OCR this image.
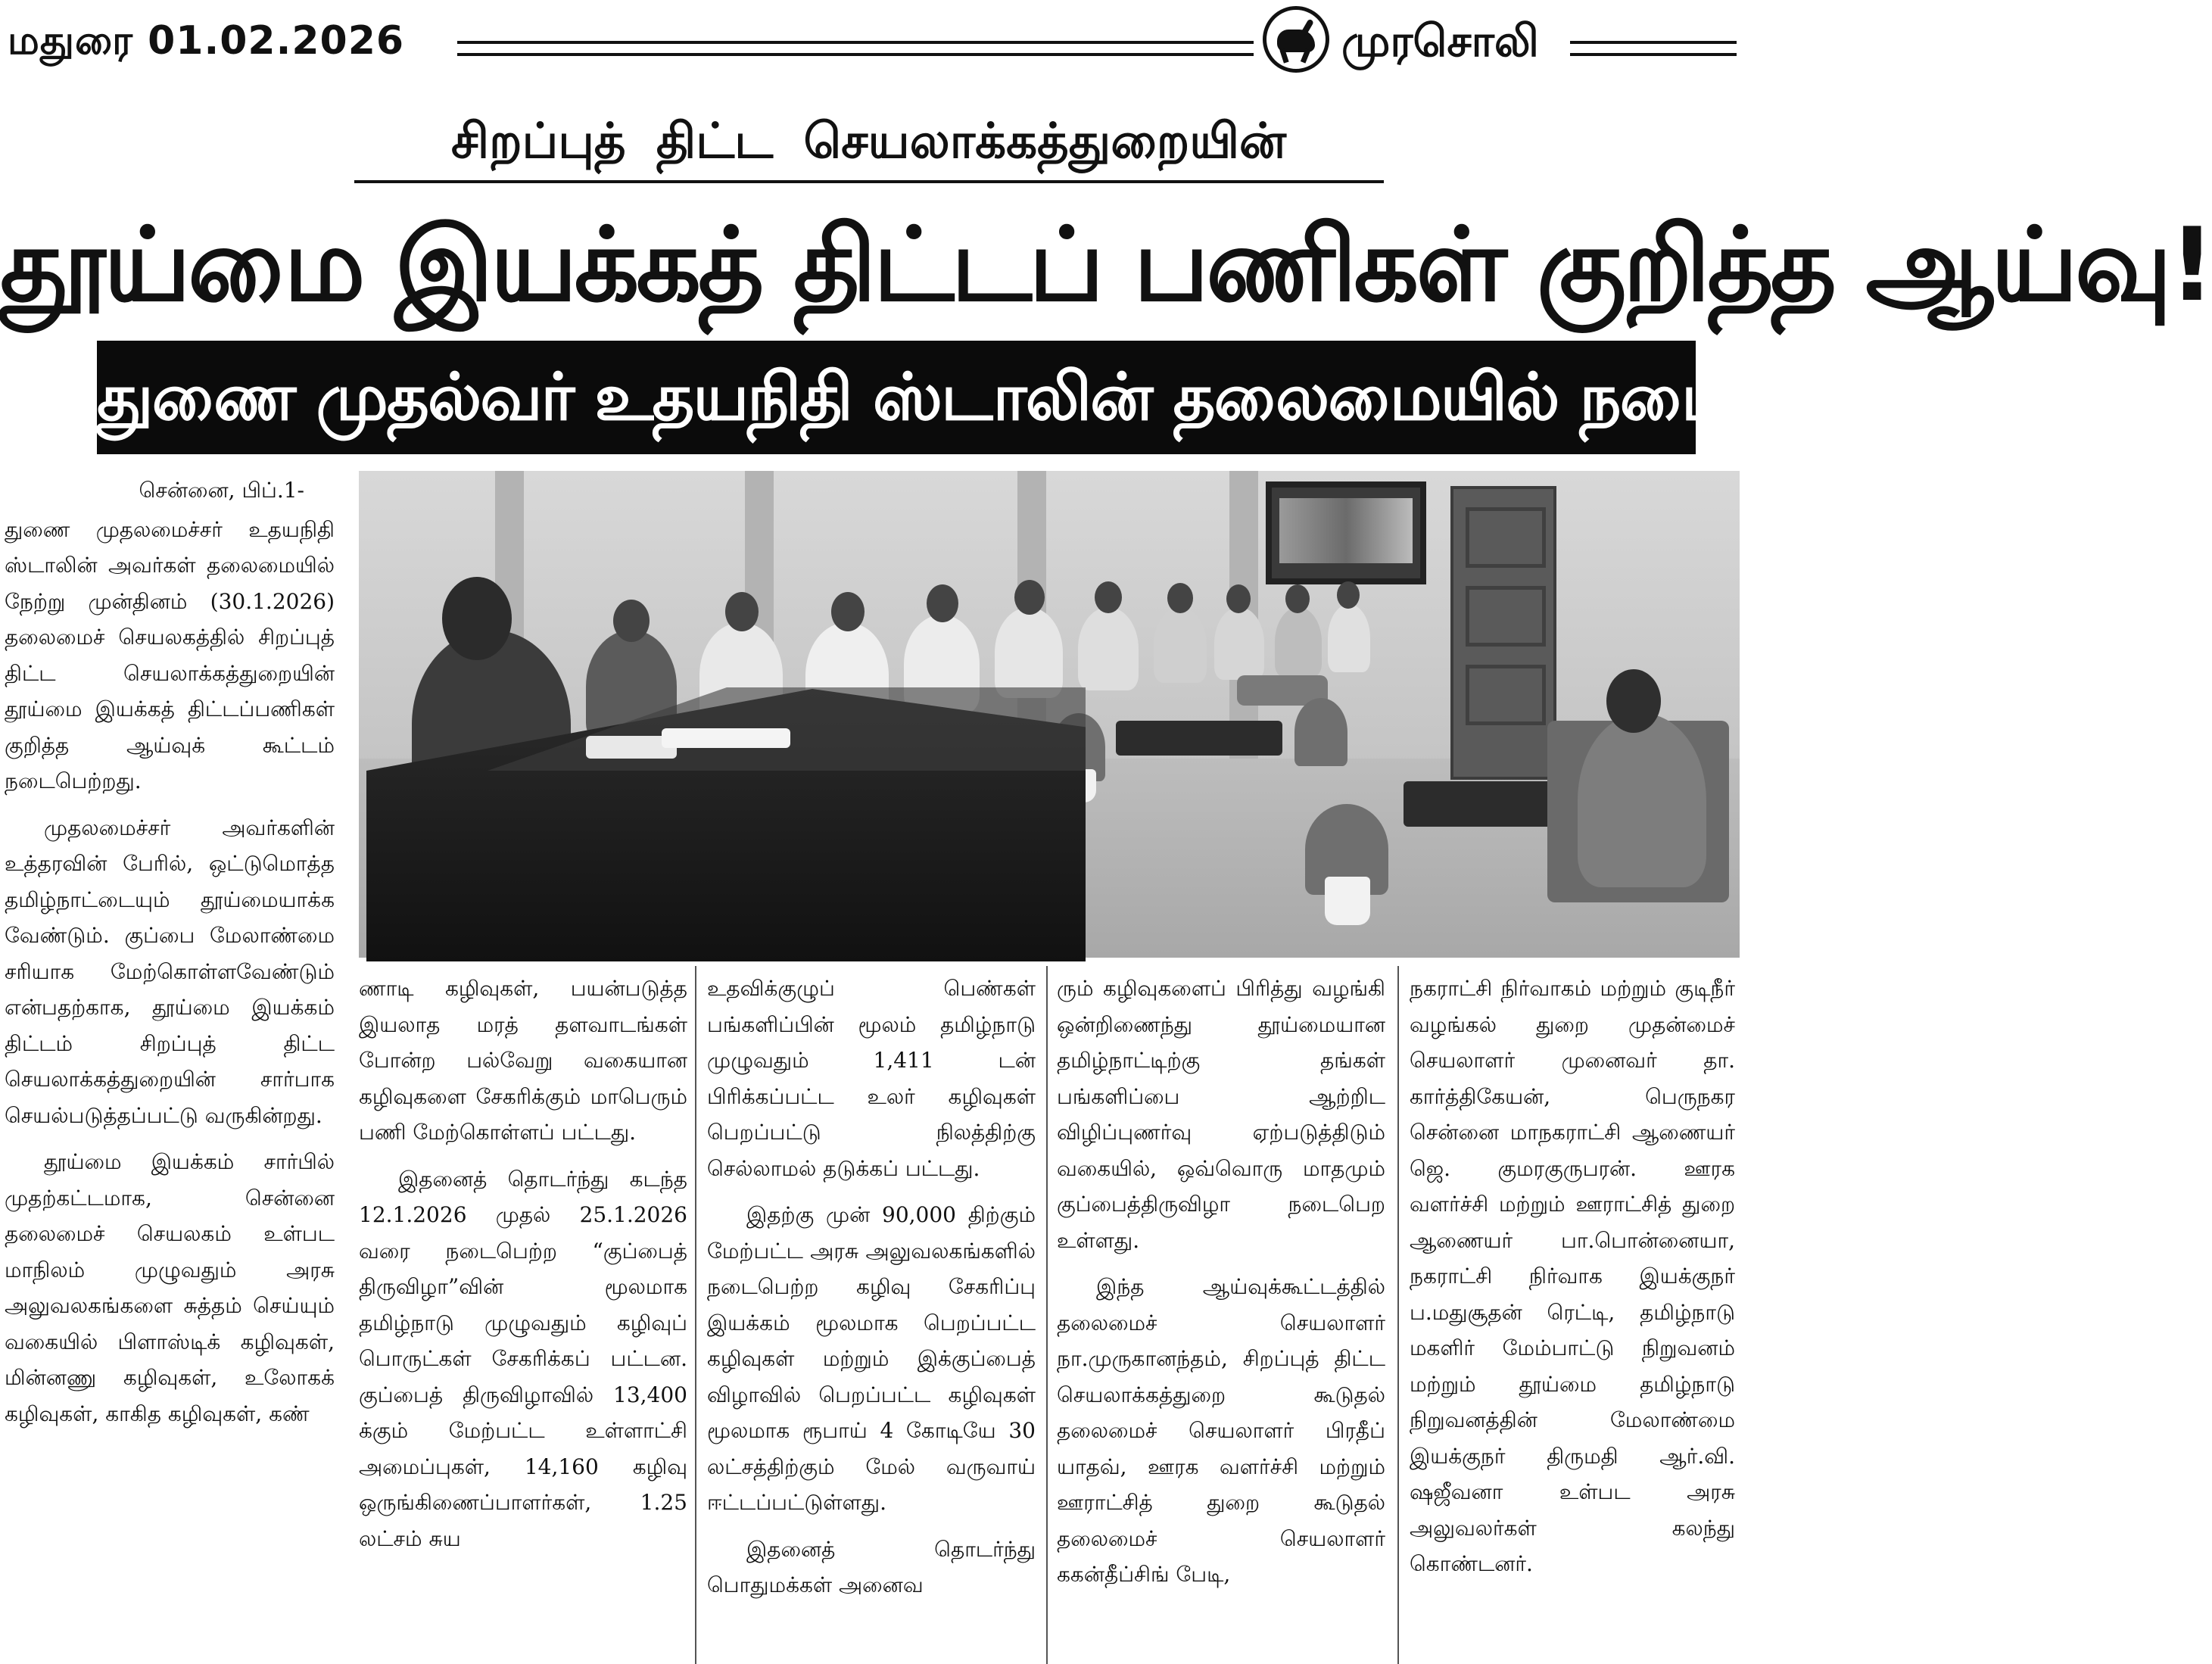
மதுரை 01.02.2026	முரசொலி
சிறப்புத் திட்ட செயலாக்கத்துறையின்
தூய்மை இயக்கத் திட்டப் பணிகள் குறித்த ஆய்வு!
துணை முதல்வர் உதயநிதி ஸ்டாலின் தலைமையில் நடைபெற்றது!

சென்னை, பிப்.1-

துணை முதலமைச்சர் உதயநிதி ஸ்டாலின் அவர்கள் தலைமையில் நேற்று முன்தினம் (30.1.2026) தலைமைச் செயலகத்தில் சிறப்புத் திட்ட செயலாக்கத்துறையின் தூய்மை இயக்கத் திட்டப்பணிகள் குறித்த ஆய்வுக் கூட்டம் நடைபெற்றது.

முதலமைச்சர் அவர்களின் உத்தரவின் பேரில், ஒட்டுமொத்த தமிழ்நாட்டையும் தூய்மையாக்க வேண்டும். குப்பை மேலாண்மை சரியாக மேற்கொள்ளவேண்டும் என்பதற்காக, தூய்மை இயக்கம் திட்டம் சிறப்புத் திட்ட செயலாக்கத்துறையின் சார்பாக செயல்படுத்தப்பட்டு வருகின்றது.

தூய்மை இயக்கம் சார்பில் முதற்கட்டமாக, சென்னை தலைமைச் செயலகம் உள்பட மாநிலம் முழுவதும் அரசு அலுவலகங்களை சுத்தம் செய்யும் வகையில் பிளாஸ்டிக் கழிவுகள், மின்னணு கழிவுகள், உலோகக் கழிவுகள், காகித கழிவுகள், கண்

ணாடி கழிவுகள், பயன்படுத்த இயலாத மரத் தளவாடங்கள் போன்ற பல்வேறு வகையான கழிவுகளை சேகரிக்கும் மாபெரும் பணி மேற்கொள்ளப் பட்டது.

இதனைத் தொடர்ந்து கடந்த 12.1.2026 முதல் 25.1.2026 வரை நடைபெற்ற “குப்பைத் திருவிழா”வின் மூலமாக தமிழ்நாடு முழுவதும் கழிவுப் பொருட்கள் சேகரிக்கப் பட்டன. குப்பைத் திருவிழாவில் 13,400 க்கும் மேற்பட்ட உள்ளாட்சி அமைப்புகள், 14,160 கழிவு ஒருங்கிணைப்பாளர்கள், 1.25 லட்சம் சுய

உதவிக்குழுப் பெண்கள் பங்களிப்பின் மூலம் தமிழ்நாடு முழுவதும் 1,411 டன் பிரிக்கப்பட்ட உலர் கழிவுகள் பெறப்பட்டு நிலத்திற்கு செல்லாமல் தடுக்கப் பட்டது.

இதற்கு முன் 90,000 திற்கும் மேற்பட்ட அரசு அலுவலகங்களில் நடைபெற்ற கழிவு சேகரிப்பு இயக்கம் மூலமாக பெறப்பட்ட கழிவுகள் மற்றும் இக்குப்பைத் விழாவில் பெறப்பட்ட கழிவுகள் மூலமாக ரூபாய் 4 கோடியே 30 லட்சத்திற்கும் மேல் வருவாய் ஈட்டப்பட்டுள்ளது.

இதனைத் தொடர்ந்து பொதுமக்கள் அனைவ

ரும் கழிவுகளைப் பிரித்து வழங்கி ஒன்றிணைந்து தூய்மையான தமிழ்நாட்டிற்கு தங்கள் பங்களிப்பை ஆற்றிட விழிப்புணர்வு ஏற்படுத்திடும் வகையில், ஒவ்வொரு மாதமும் குப்பைத்திருவிழா நடைபெற உள்ளது.

இந்த ஆய்வுக்கூட்டத்தில் தலைமைச் செயலாளர் நா.முருகானந்தம், சிறப்புத் திட்ட செயலாக்கத்துறை கூடுதல் தலைமைச் செயலாளர் பிரதீப் யாதவ், ஊரக வளர்ச்சி மற்றும் ஊராட்சித் துறை கூடுதல் தலைமைச் செயலாளர் ககன்தீப்சிங் பேடி,

நகராட்சி நிர்வாகம் மற்றும் குடிநீர் வழங்கல் துறை முதன்மைச் செயலாளர் முனைவர் தா. கார்த்திகேயன், பெருநகர சென்னை மாநகராட்சி ஆணையர் ஜெ. குமரகுருபரன். ஊரக வளர்ச்சி மற்றும் ஊராட்சித் துறை ஆணையர் பா.பொன்னையா, நகராட்சி நிர்வாக இயக்குநர் ப.மதுசூதன் ரெட்டி, தமிழ்நாடு மகளிர் மேம்பாட்டு நிறுவனம் மற்றும் தூய்மை தமிழ்நாடு நிறுவனத்தின் மேலாண்மை இயக்குநர் திருமதி ஆர்.வி. ஷஜீவனா உள்பட அரசு அலுவலர்கள் கலந்து கொண்டனர்.
